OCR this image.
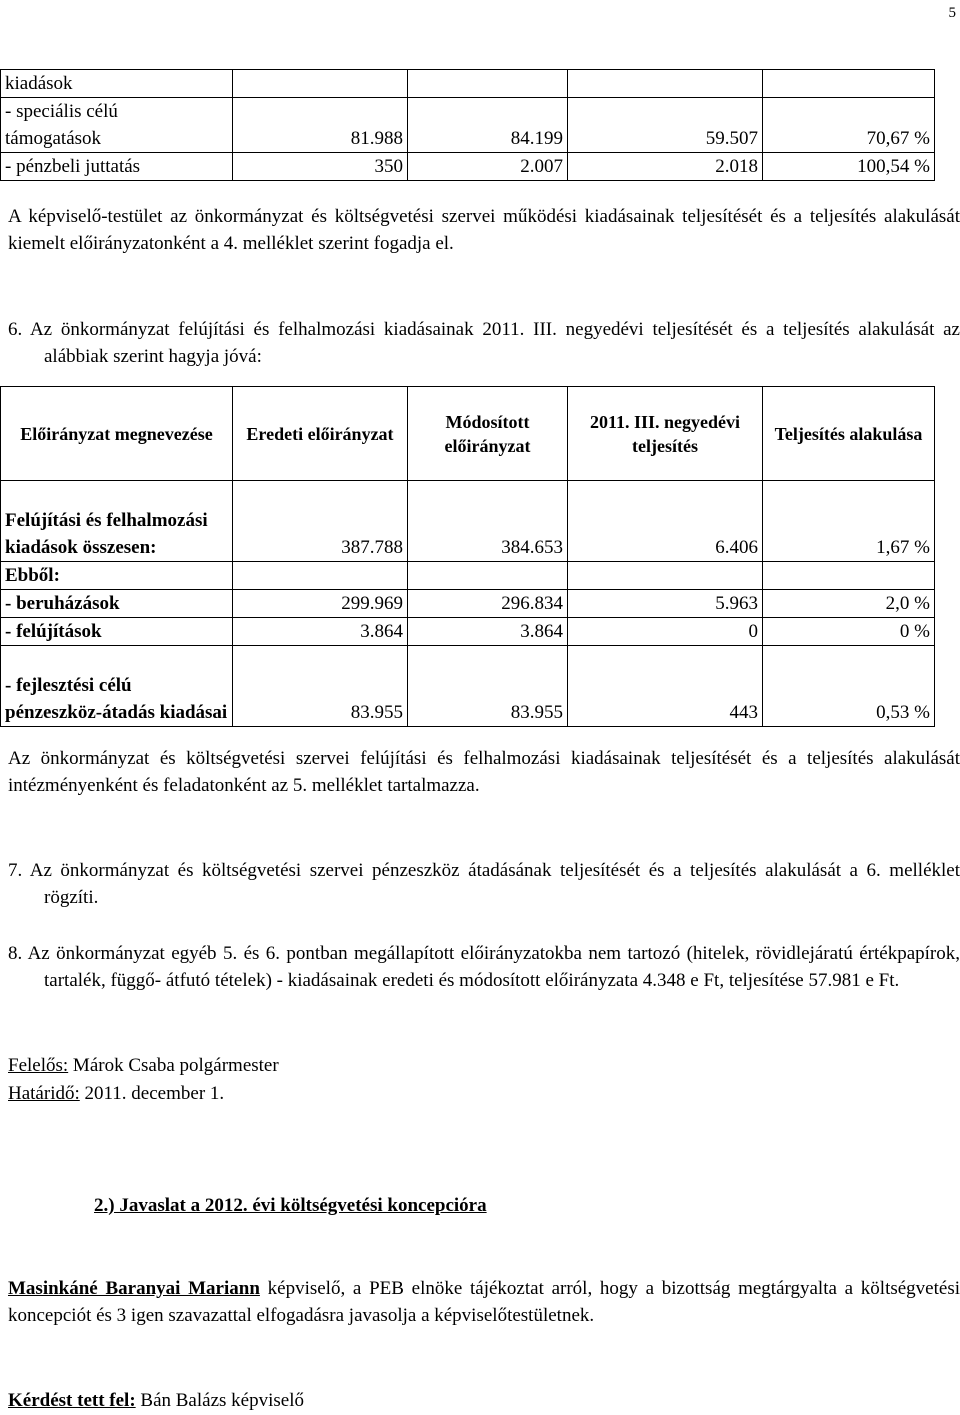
5
kiadások				
- speciális célú
támogatások	81.988	84.199	59.507	70,67 %
- pénzbeli juttatás	350	2.007	2.018	100,54 %
A képviselő-testület az önkormányzat és költségvetési szervei működési kiadásainak teljesítését és a teljesítés alakulását kiemelt előirányzatonként a 4. melléklet szerint fogadja el.
6. Az önkormányzat felújítási és felhalmozási kiadásainak 2011. III. negyedévi teljesítését és a teljesítés alakulását az alábbiak szerint hagyja jóvá:
Előirányzat megnevezése	Eredeti előirányzat	Módosított előirányzat	2011. III. negyedévi teljesítés	Teljesítés alakulása
Felújítási és felhalmozási kiadások összesen:	387.788	384.653	6.406	1,67 %
Ebből:				
- beruházások	299.969	296.834	5.963	2,0 %
- felújítások	3.864	3.864	0	0 %
- fejlesztési célú pénzeszköz-átadás kiadásai	83.955	83.955	443	0,53 %
Az önkormányzat és költségvetési szervei felújítási és felhalmozási kiadásainak teljesítését és a teljesítés alakulását intézményenként és feladatonként az 5. melléklet tartalmazza.
7. Az önkormányzat és költségvetési szervei pénzeszköz átadásának teljesítését és a teljesítés alakulását a 6. melléklet rögzíti.
8. Az önkormányzat egyéb 5. és 6. pontban megállapított előirányzatokba nem tartozó (hitelek, rövidlejáratú értékpapírok, tartalék, függő- átfutó tételek) - kiadásainak eredeti és módosított előirányzata 4.348 e Ft, teljesítése 57.981 e Ft.
Felelős: Márok Csaba polgármester
Határidő: 2011. december 1.
2.) Javaslat a 2012. évi költségvetési koncepcióra
Masinkáné Baranyai Mariann képviselő, a PEB elnöke tájékoztat arról, hogy a bizottság megtárgyalta a költségvetési koncepciót és 3 igen szavazattal elfogadásra javasolja a képviselőtestületnek.
Kérdést tett fel: Bán Balázs képviselő
